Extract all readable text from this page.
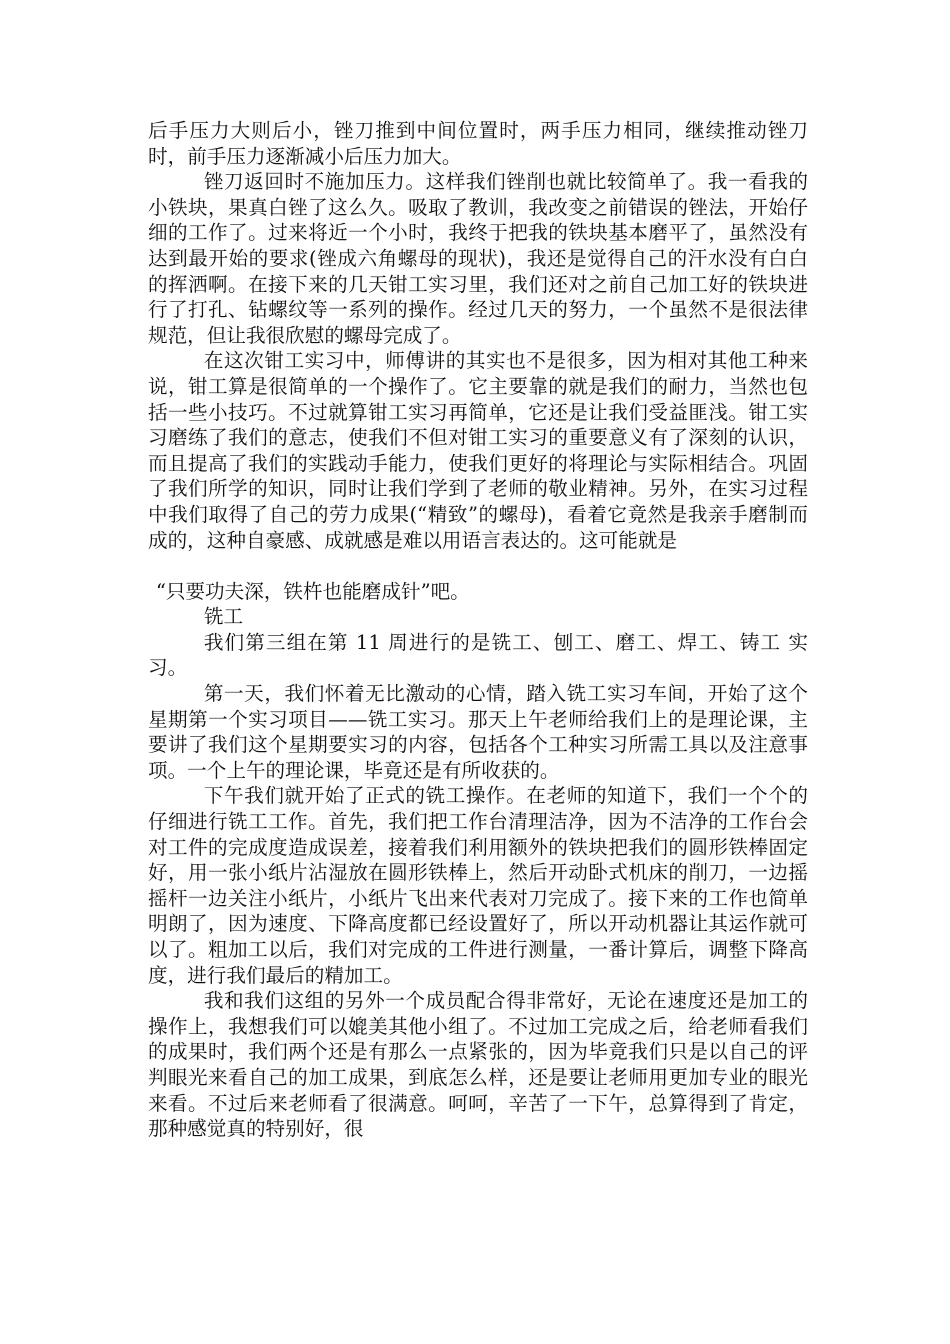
后手压力大则后小，锉刀推到中间位置时，两手压力相同，继续推动锉刀时，前手压力逐渐减小后压力加大。

锉刀返回时不施加压力。这样我们锉削也就比较简单了。我一看我的小铁块，果真白锉了这么久。吸取了教训，我改变之前错误的锉法，开始仔细的工作了。过来将近一个小时，我终于把我的铁块基本磨平了，虽然没有达到最开始的要求(锉成六角螺母的现状)，我还是觉得自己的汗水没有白白的挥洒啊。在接下来的几天钳工实习里，我们还对之前自己加工好的铁块进行了打孔、钻螺纹等一系列的操作。经过几天的努力，一个虽然不是很法律规范，但让我很欣慰的螺母完成了。

在这次钳工实习中，师傅讲的其实也不是很多，因为相对其他工种来说，钳工算是很简单的一个操作了。它主要靠的就是我们的耐力，当然也包括一些小技巧。不过就算钳工实习再简单，它还是让我们受益匪浅。钳工实习磨练了我们的意志，使我们不但对钳工实习的重要意义有了深刻的认识，而且提高了我们的实践动手能力，使我们更好的将理论与实际相结合。巩固了我们所学的知识，同时让我们学到了老师的敬业精神。另外，在实习过程中我们取得了自己的劳力成果(“精致”的螺母)，看着它竟然是我亲手磨制而成的，这种自豪感、成就感是难以用语言表达的。这可能就是

“只要功夫深，铁杵也能磨成针”吧。

铣工

我们第三组在第 11 周进行的是铣工、刨工、磨工、焊工、铸工 实习。

第一天，我们怀着无比激动的心情，踏入铣工实习车间，开始了这个星期第一个实习项目——铣工实习。那天上午老师给我们上的是理论课，主要讲了我们这个星期要实习的内容，包括各个工种实习所需工具以及注意事项。一个上午的理论课，毕竟还是有所收获的。

下午我们就开始了正式的铣工操作。在老师的知道下，我们一个个的仔细进行铣工工作。首先，我们把工作台清理洁净，因为不洁净的工作台会对工件的完成度造成误差，接着我们利用额外的铁块把我们的圆形铁棒固定好，用一张小纸片沾湿放在圆形铁棒上，然后开动卧式机床的削刀，一边摇摇杆一边关注小纸片，小纸片飞出来代表对刀完成了。接下来的工作也简单明朗了，因为速度、下降高度都已经设置好了，所以开动机器让其运作就可以了。粗加工以后，我们对完成的工件进行测量，一番计算后，调整下降高度，进行我们最后的精加工。

我和我们这组的另外一个成员配合得非常好，无论在速度还是加工的操作上，我想我们可以媲美其他小组了。不过加工完成之后，给老师看我们的成果时，我们两个还是有那么一点紧张的，因为毕竟我们只是以自己的评判眼光来看自己的加工成果，到底怎么样，还是要让老师用更加专业的眼光来看。不过后来老师看了很满意。呵呵，辛苦了一下午，总算得到了肯定，那种感觉真的特别好，很
